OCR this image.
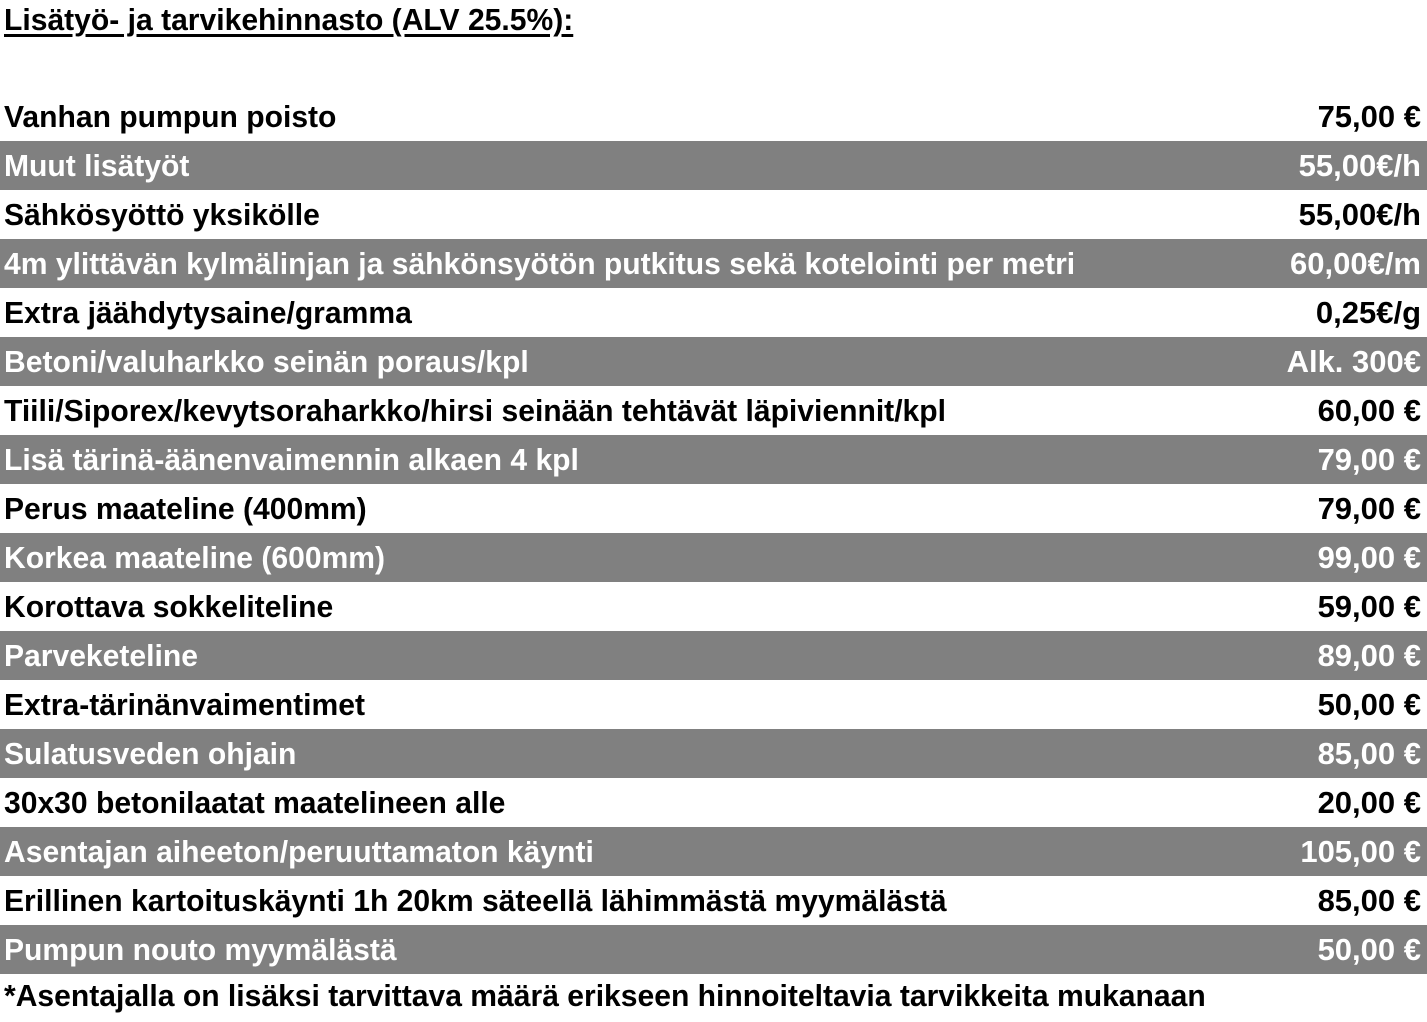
Lisätyö- ja tarvikehinnasto (ALV 25.5%):
Vanhan pumpun poisto	75,00 €
Muut lisätyöt	55,00€/h
Sähkösyöttö yksikölle	55,00€/h
4m ylittävän kylmälinjan ja sähkönsyötön putkitus sekä kotelointi per metri	60,00€/m
Extra jäähdytysaine/gramma	0,25€/g
Betoni/valuharkko seinän poraus/kpl	Alk. 300€
Tiili/Siporex/kevytsoraharkko/hirsi seinään tehtävät läpiviennit/kpl	60,00 €
Lisä tärinä-äänenvaimennin alkaen 4 kpl	79,00 €
Perus maateline (400mm)	79,00 €
Korkea maateline (600mm)	99,00 €
Korottava sokkeliteline	59,00 €
Parveketeline	89,00 €
Extra-tärinänvaimentimet	50,00 €
Sulatusveden ohjain	85,00 €
30x30 betonilaatat maatelineen alle	20,00 €
Asentajan aiheeton/peruuttamaton käynti	105,00 €
Erillinen kartoituskäynti 1h 20km säteellä lähimmästä myymälästä	85,00 €
Pumpun nouto myymälästä	50,00 €
*Asentajalla on lisäksi tarvittava määrä erikseen hinnoiteltavia tarvikkeita mukanaan
